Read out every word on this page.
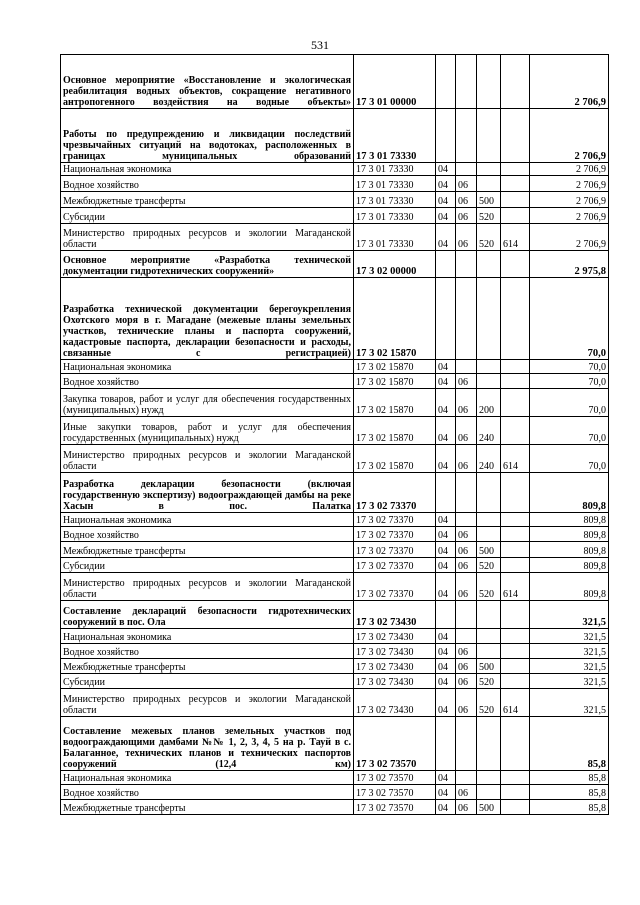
531
Основное мероприятие «Восстановление и экологическая реабилитация водных объектов, сокращение негативного антропогенного воздействия на водные объекты»	17 3 01 00000					2 706,9
Работы по предупреждению и ликвидации последствий чрезвычайных ситуаций на водотоках, расположенных в границах муниципальных образований	17 3 01 73330					2 706,9
Национальная экономика	17 3 01 73330	04				2 706,9
Водное хозяйство	17 3 01 73330	04	06			2 706,9
Межбюджетные трансферты	17 3 01 73330	04	06	500		2 706,9
Субсидии	17 3 01 73330	04	06	520		2 706,9
Министерство природных ресурсов и экологии Магаданской области	17 3 01 73330	04	06	520	614	2 706,9
Основное мероприятие «Разработка технической документации гидротехнических сооружений»	17 3 02 00000					2 975,8
Разработка технической документации берегоукрепления Охотского моря в г. Магадане (межевые планы земельных участков, технические планы и паспорта сооружений, кадастровые паспорта, декларации безопасности и расходы, связанные с регистрацией)	17 3 02 15870					70,0
Национальная экономика	17 3 02 15870	04				70,0
Водное хозяйство	17 3 02 15870	04	06			70,0
Закупка товаров, работ и услуг для обеспечения государственных (муниципальных) нужд	17 3 02 15870	04	06	200		70,0
Иные закупки товаров, работ и услуг для обеспечения государственных (муниципальных) нужд	17 3 02 15870	04	06	240		70,0
Министерство природных ресурсов и экологии Магаданской области	17 3 02 15870	04	06	240	614	70,0
Разработка декларации безопасности (включая государственную экспертизу) водоограждающей дамбы на реке Хасын в пос. Палатка	17 3 02 73370					809,8
Национальная экономика	17 3 02 73370	04				809,8
Водное хозяйство	17 3 02 73370	04	06			809,8
Межбюджетные трансферты	17 3 02 73370	04	06	500		809,8
Субсидии	17 3 02 73370	04	06	520		809,8
Министерство природных ресурсов и экологии Магаданской области	17 3 02 73370	04	06	520	614	809,8
Составление деклараций безопасности гидротехнических сооружений в пос. Ола	17 3 02 73430					321,5
Национальная экономика	17 3 02 73430	04				321,5
Водное хозяйство	17 3 02 73430	04	06			321,5
Межбюджетные трансферты	17 3 02 73430	04	06	500		321,5
Субсидии	17 3 02 73430	04	06	520		321,5
Министерство природных ресурсов и экологии Магаданской области	17 3 02 73430	04	06	520	614	321,5
Составление межевых планов земельных участков под водоограждающими дамбами №№ 1, 2, 3, 4, 5 на р. Тауй в с. Балаганное, технических планов и технических паспортов сооружений (12,4 км)	17 3 02 73570					85,8
Национальная экономика	17 3 02 73570	04				85,8
Водное хозяйство	17 3 02 73570	04	06			85,8
Межбюджетные трансферты	17 3 02 73570	04	06	500		85,8
